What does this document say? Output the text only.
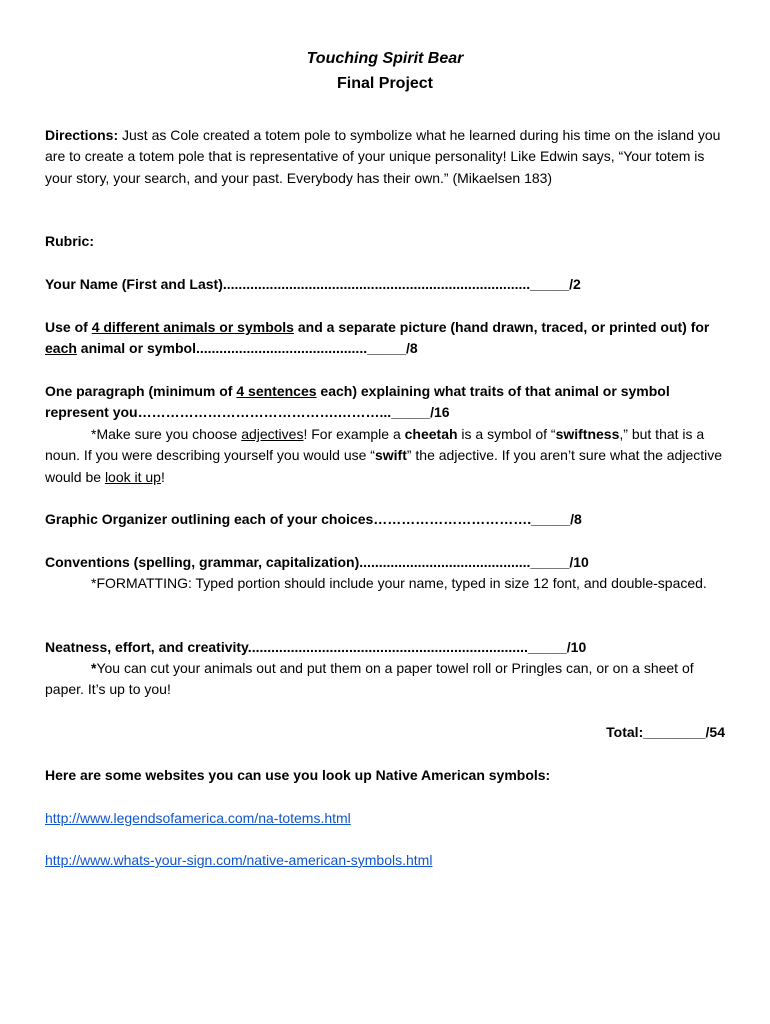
Touching Spirit Bear
Final Project
Directions: Just as Cole created a totem pole to symbolize what he learned during his time on the island you are to create a totem pole that is representative of your unique personality! Like Edwin says, “Your totem is your story, your search, and your past. Everybody has their own.” (Mikaelsen 183)
Rubric:
Your Name (First and Last)..............................................................................._____/2
Use of 4 different animals or symbols and a separate picture (hand drawn, traced, or printed out) for each animal or symbol............................................_____/8
One paragraph (minimum of 4 sentences each) explaining what traits of that animal or symbol represent you…………………………………….………..._____/16
*Make sure you choose adjectives! For example a cheetah is a symbol of “swiftness,” but that is a noun. If you were describing yourself you would use “swift” the adjective. If you aren’t sure what the adjective would be look it up!
Graphic Organizer outlining each of your choices……………………………._____/8
Conventions (spelling, grammar, capitalization)............................................_____/10
*FORMATTING: Typed portion should include your name, typed in size 12 font, and double-spaced.
Neatness, effort, and creativity........................................................................_____/10
*You can cut your animals out and put them on a paper towel roll or Pringles can, or on a sheet of paper. It’s up to you!
Total:________/54
Here are some websites you can use you look up Native American symbols:
http://www.legendsofamerica.com/na-totems.html
http://www.whats-your-sign.com/native-american-symbols.html
